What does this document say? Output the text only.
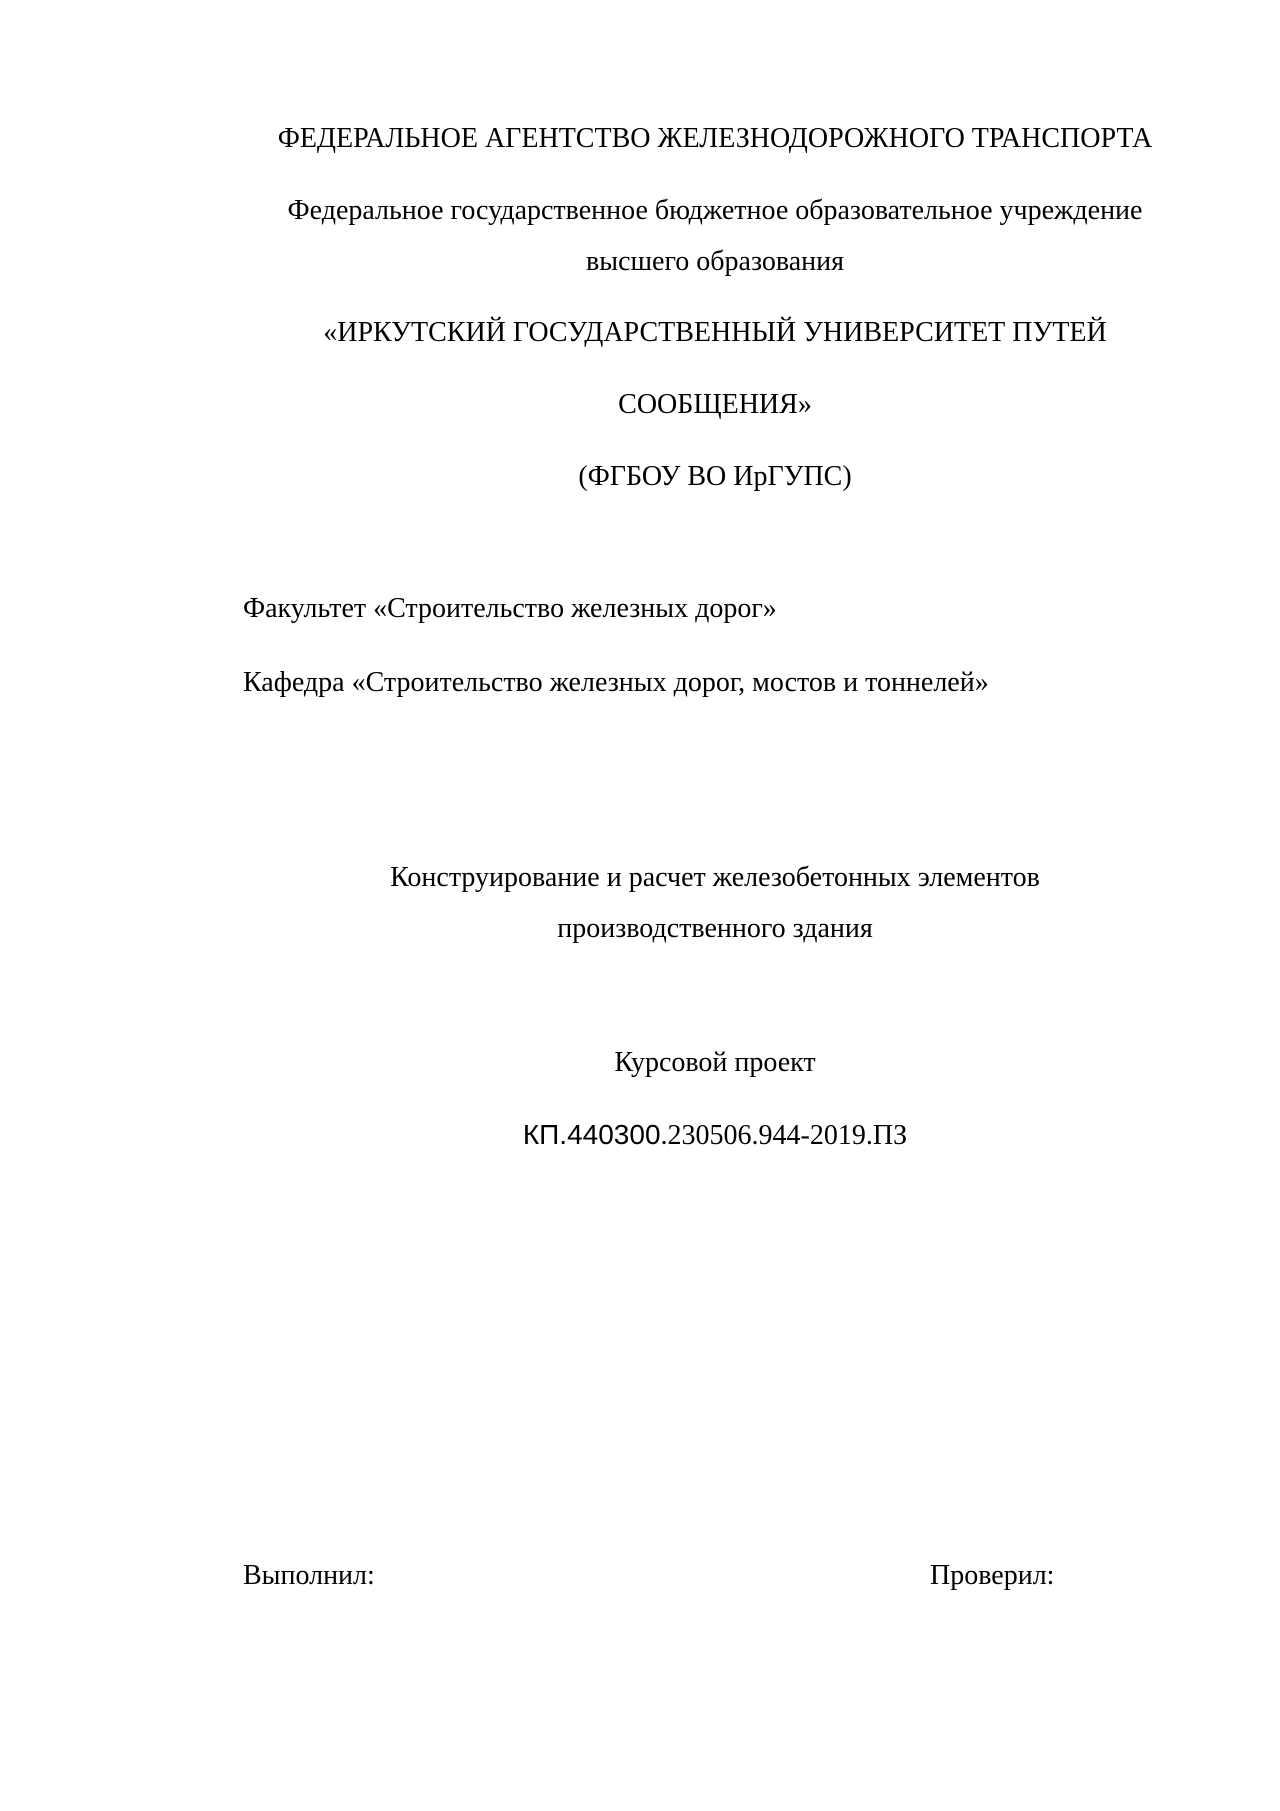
ФЕДЕРАЛЬНОЕ АГЕНТСТВО ЖЕЛЕЗНОДОРОЖНОГО ТРАНСПОРТА
Федеральное государственное бюджетное образовательное учреждение
высшего образования
«ИРКУТСКИЙ ГОСУДАРСТВЕННЫЙ УНИВЕРСИТЕТ ПУТЕЙ
СООБЩЕНИЯ»
(ФГБОУ ВО ИрГУПС)
Факультет «Строительство железных дорог»
Кафедра «Строительство железных дорог, мостов и тоннелей»
Конструирование и расчет железобетонных элементов
производственного здания
Курсовой проект
КП.440300.230506.944-2019.ПЗ
Выполнил:	Проверил:
